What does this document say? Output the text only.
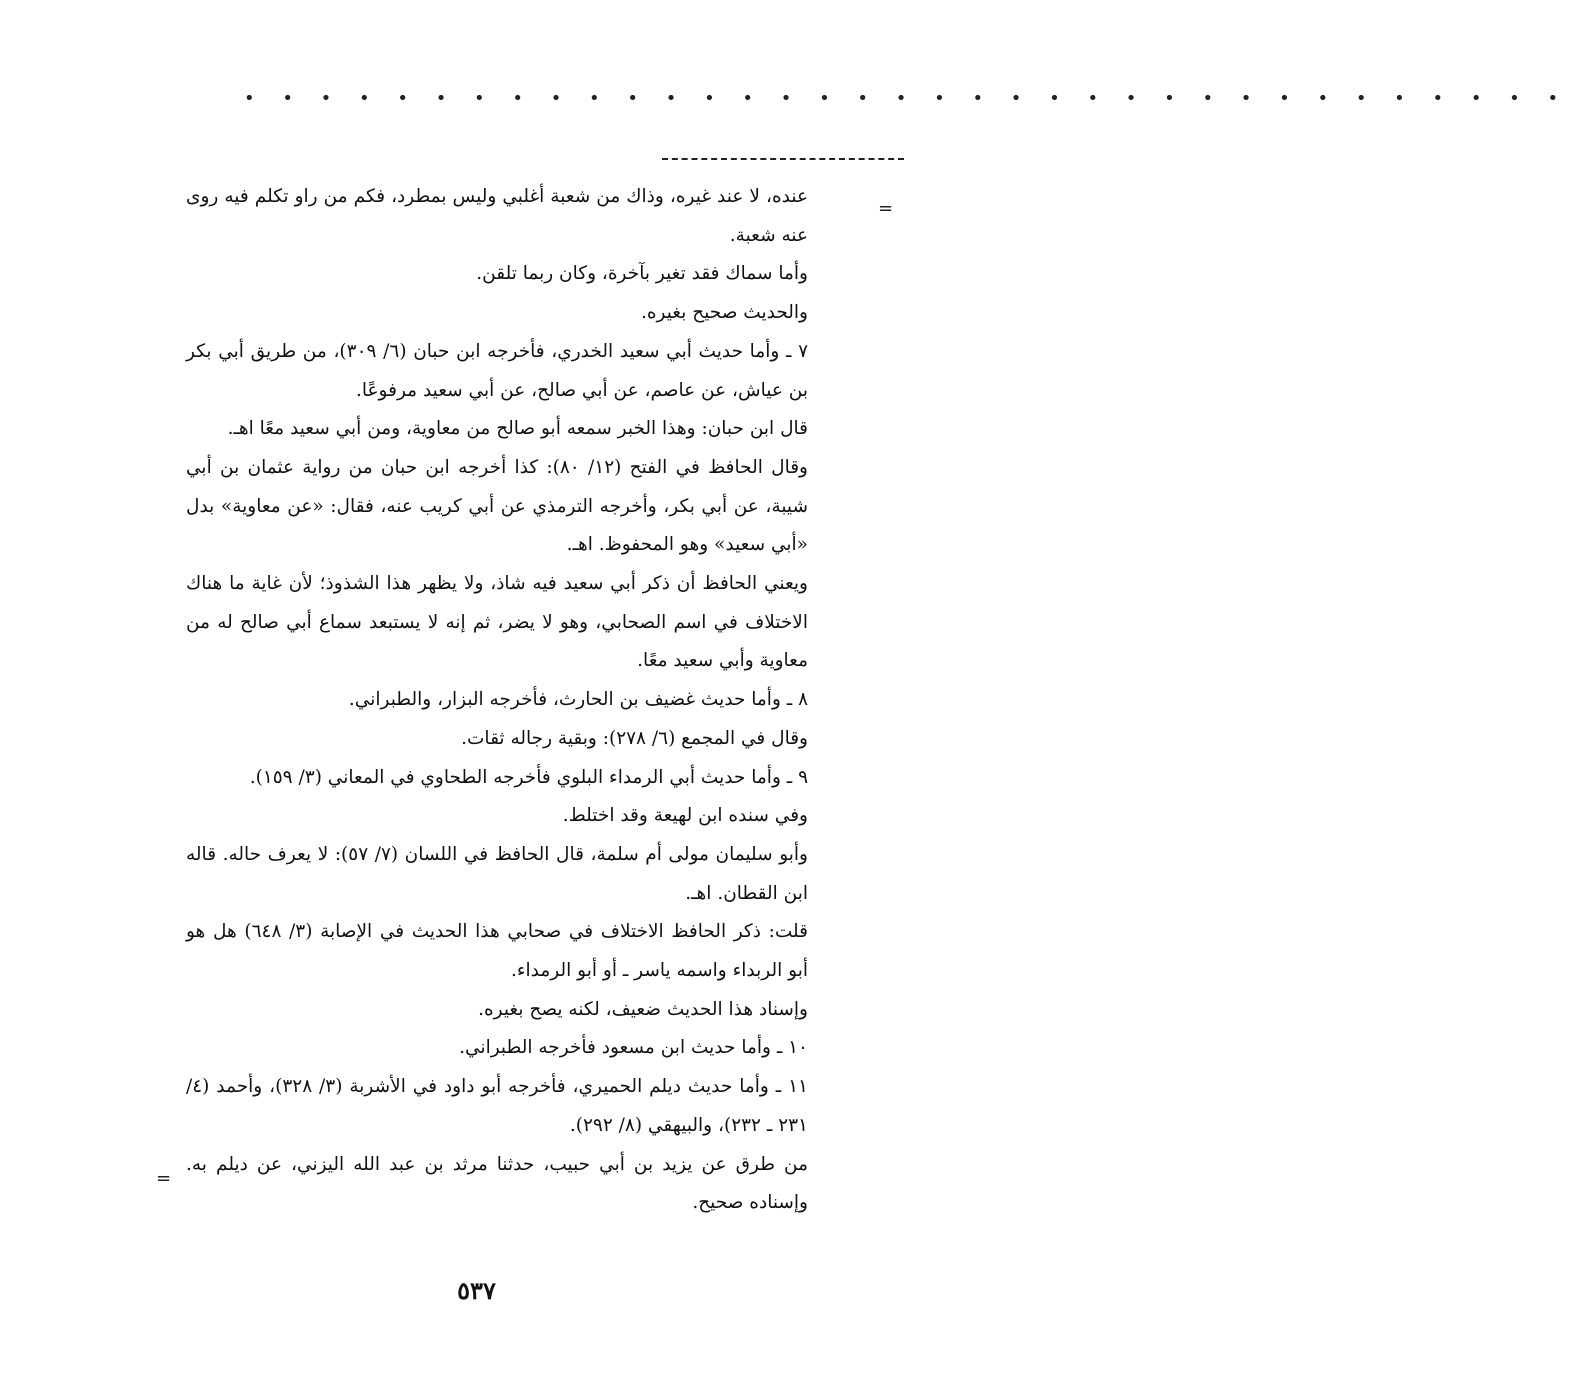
• • • • • • • • • • • • • • • • • • • • • • • • • • • • • • • • • • •
=
=

عنده، لا عند غيره، وذاك من شعبة أغلبي وليس بمطرد، فكم من راو تكلم فيه روى عنه شعبة.

وأما سماك فقد تغير بآخرة، وكان ربما تلقن.

والحديث صحيح بغيره.

٧ ـ وأما حديث أبي سعيد الخدري، فأخرجه ابن حبان (٦/ ٣٠٩)، من طريق أبي بكر بن عياش، عن عاصم، عن أبي صالح، عن أبي سعيد مرفوعًا.

قال ابن حبان: وهذا الخبر سمعه أبو صالح من معاوية، ومن أبي سعيد معًا اهـ.

وقال الحافظ في الفتح (١٢/ ٨٠): كذا أخرجه ابن حبان من رواية عثمان بن أبي شيبة، عن أبي بكر، وأخرجه الترمذي عن أبي كريب عنه، فقال: «عن معاوية» بدل «أبي سعيد» وهو المحفوظ. اهـ.

ويعني الحافظ أن ذكر أبي سعيد فيه شاذ، ولا يظهر هذا الشذوذ؛ لأن غاية ما هناك الاختلاف في اسم الصحابي، وهو لا يضر، ثم إنه لا يستبعد سماع أبي صالح له من معاوية وأبي سعيد معًا.

٨ ـ وأما حديث غضيف بن الحارث، فأخرجه البزار، والطبراني.

وقال في المجمع (٦/ ٢٧٨): وبقية رجاله ثقات.

٩ ـ وأما حديث أبي الرمداء البلوي فأخرجه الطحاوي في المعاني (٣/ ١٥٩).

وفي سنده ابن لهيعة وقد اختلط.

وأبو سليمان مولى أم سلمة، قال الحافظ في اللسان (٧/ ٥٧): لا يعرف حاله. قاله ابن القطان. اهـ.

قلت: ذكر الحافظ الاختلاف في صحابي هذا الحديث في الإصابة (٣/ ٦٤٨) هل هو أبو الربداء واسمه ياسر ـ أو أبو الرمداء.

وإسناد هذا الحديث ضعيف، لكنه يصح بغيره.

١٠ ـ وأما حديث ابن مسعود فأخرجه الطبراني.

١١ ـ وأما حديث ديلم الحميري، فأخرجه أبو داود في الأشربة (٣/ ٣٢٨)، وأحمد (٤/ ٢٣١ ـ ٢٣٢)، والبيهقي (٨/ ٢٩٢).

من طرق عن يزيد بن أبي حبيب، حدثنا مرثد بن عبد الله اليزني، عن ديلم به. وإسناده صحيح.

٥٣٧
